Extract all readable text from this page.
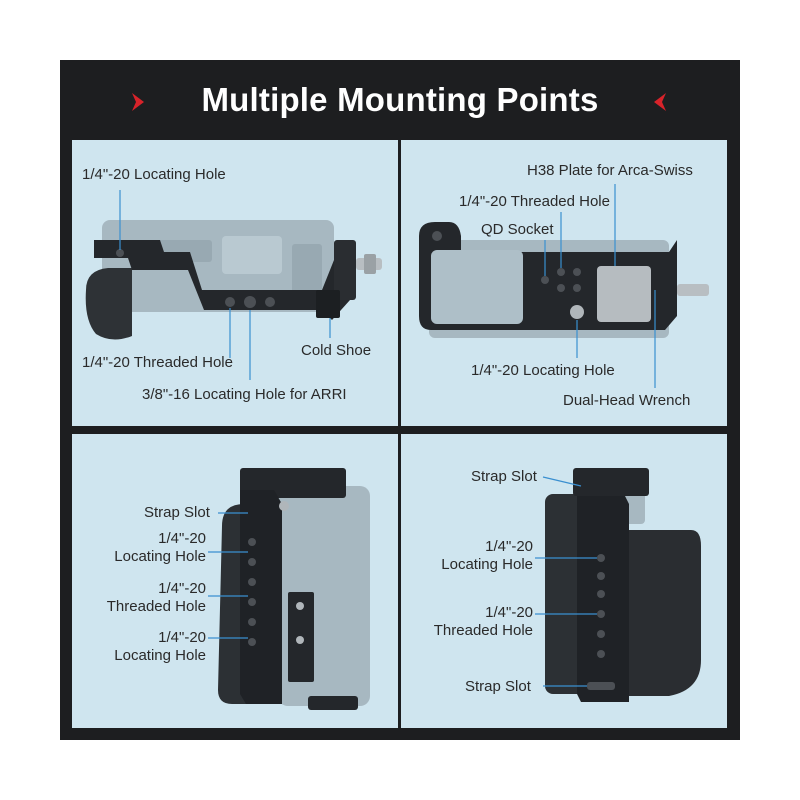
Multiple Mounting Points
1/4"-20 Locating Hole
1/4"-20 Threaded Hole
Cold Shoe
3/8"-16 Locating Hole for ARRI
H38 Plate for Arca-Swiss
1/4"-20 Threaded Hole
QD Socket
1/4"-20 Locating Hole
Dual-Head Wrench
Strap Slot
1/4"-20
Locating Hole
1/4"-20
Threaded Hole
1/4"-20
Locating Hole
Strap Slot
1/4"-20
Locating Hole
1/4"-20
Threaded Hole
Strap Slot
